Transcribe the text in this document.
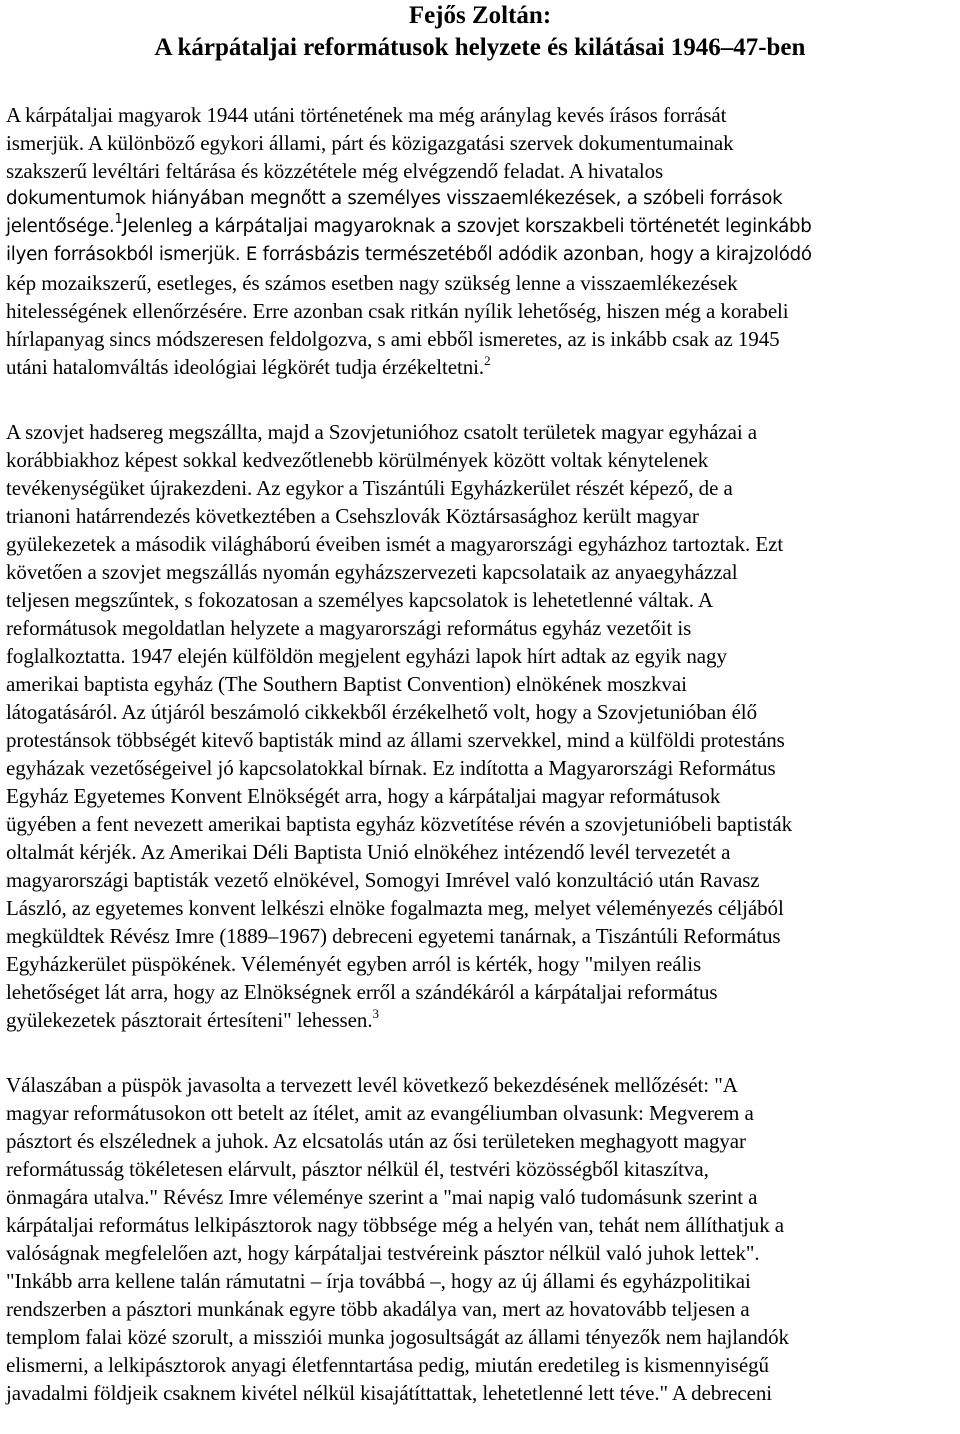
Fejős Zoltán:
A kárpátaljai reformátusok helyzete és kilátásai 1946–47-ben
A kárpátaljai magyarok 1944 utáni történetének ma még aránylag kevés írásos forrását
ismerjük. A különböző egykori állami, párt és közigazgatási szervek dokumentumainak
szakszerű levéltári feltárása és közzététele még elvégzendő feladat. A hivatalos
dokumentumok hiányában megnőtt a személyes visszaemlékezések, a szóbeli források
jelentősége.$^1$Jelenleg a kárpátaljai magyaroknak a szovjet korszakbeli történetét leginkább
ilyen forrásokból ismerjük. E forrásbázis természetéből adódik azonban, hogy a kirajzolódó
kép mozaikszerű, esetleges, és számos esetben nagy szükség lenne a visszaemlékezések
hitelességének ellenőrzésére. Erre azonban csak ritkán nyílik lehetőség, hiszen még a korabeli
hírlapanyag sincs módszeresen feldolgozva, s ami ebből ismeretes, az is inkább csak az 1945
utáni hatalomváltás ideológiai légkörét tudja érzékeltetni.$^2$
A szovjet hadsereg megszállta, majd a Szovjetunióhoz csatolt területek magyar egyházai a
korábbiakhoz képest sokkal kedvezőtlenebb körülmények között voltak kénytelenek
tevékenységüket újrakezdeni. Az egykor a Tiszántúli Egyházkerület részét képező, de a
trianoni határrendezés következtében a Csehszlovák Köztársasághoz került magyar
gyülekezetek a második világháború éveiben ismét a magyarországi egyházhoz tartoztak. Ezt
követően a szovjet megszállás nyomán egyházszervezeti kapcsolataik az anyaegyházzal
teljesen megszűntek, s fokozatosan a személyes kapcsolatok is lehetetlenné váltak. A
reformátusok megoldatlan helyzete a magyarországi református egyház vezetőit is
foglalkoztatta. 1947 elején külföldön megjelent egyházi lapok hírt adtak az egyik nagy
amerikai baptista egyház (The Southern Baptist Convention) elnökének moszkvai
látogatásáról. Az útjáról beszámoló cikkekből érzékelhető volt, hogy a Szovjetunióban élő
protestánsok többségét kitevő baptisták mind az állami szervekkel, mind a külföldi protestáns
egyházak vezetőségeivel jó kapcsolatokkal bírnak. Ez indította a Magyarországi Református
Egyház Egyetemes Konvent Elnökségét arra, hogy a kárpátaljai magyar reformátusok
ügyében a fent nevezett amerikai baptista egyház közvetítése révén a szovjetunióbeli baptisták
oltalmát kérjék. Az Amerikai Déli Baptista Unió elnökéhez intézendő levél tervezetét a
magyarországi baptisták vezető elnökével, Somogyi Imrével való konzultáció után Ravasz
László, az egyetemes konvent lelkészi elnöke fogalmazta meg, melyet véleményezés céljából
megküldtek Révész Imre (1889–1967) debreceni egyetemi tanárnak, a Tiszántúli Református
Egyházkerület püspökének. Véleményét egyben arról is kérték, hogy "milyen reális
lehetőséget lát arra, hogy az Elnökségnek erről a szándékáról a kárpátaljai református
gyülekezetek pásztorait értesíteni" lehessen.$^3$
Válaszában a püspök javasolta a tervezett levél következő bekezdésének mellőzését: "A
magyar reformátusokon ott betelt az ítélet, amit az evangéliumban olvasunk: Megverem a
pásztort és elszélednek a juhok. Az elcsatolás után az ősi területeken meghagyott magyar
reformátusság tökéletesen elárvult, pásztor nélkül él, testvéri közösségből kitaszítva,
önmagára utalva." Révész Imre véleménye szerint a "mai napig való tudomásunk szerint a
kárpátaljai református lelkipásztorok nagy többsége még a helyén van, tehát nem állíthatjuk a
valóságnak megfelelően azt, hogy kárpátaljai testvéreink pásztor nélkül való juhok lettek".
"Inkább arra kellene talán rámutatni – írja továbbá –, hogy az új állami és egyházpolitikai
rendszerben a pásztori munkának egyre több akadálya van, mert az hovatovább teljesen a
templom falai közé szorult, a missziói munka jogosultságát az állami tényezők nem hajlandók
elismerni, a lelkipásztorok anyagi életfenntartása pedig, miután eredetileg is kismennyiségű
javadalmi földjeik csaknem kivétel nélkül kisajátíttattak, lehetetlenné lett téve." A debreceni
